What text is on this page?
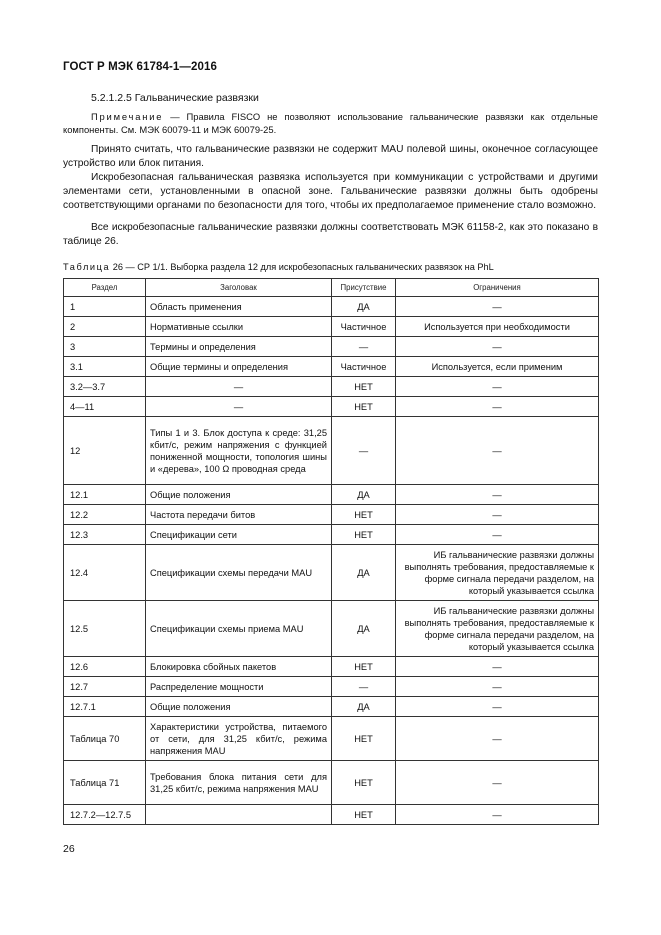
ГОСТ Р МЭК 61784-1—2016
5.2.1.2.5 Гальванические развязки
Примечание — Правила FISCO не позволяют использование гальванические развязки как отдельные компоненты. См. МЭК 60079-11 и МЭК 60079-25.
Принято считать, что гальванические развязки не содержит MAU полевой шины, оконечное согласующее устройство или блок питания.
Искробезопасная гальваническая развязка используется при коммуникации с устройствами и другими элементами сети, установленными в опасной зоне. Гальванические развязки должны быть одобрены соответствующими органами по безопасности для того, чтобы их предполагаемое применение стало возможно.
Все искробезопасные гальванические развязки должны соответствовать МЭК 61158-2, как это показано в таблице 26.
Таблица 26 — CP 1/1. Выборка раздела 12 для искробезопасных гальванических развязок на PhL
Раздел	Заголовак	Присутствие	Ограничения
1	Область применения	ДА	—
2	Нормативные ссылки	Частичное	Используется при необходимости
3	Термины и определения	—	—
3.1	Общие термины и определения	Частичное	Используется, если применим
3.2—3.7	—	НЕТ	—
4—11	—	НЕТ	—
12	Типы 1 и 3. Блок доступа к среде: 31,25 кбит/с, режим напряжения с функцией пониженной мощности, топология шины и «дерева», 100 Ω проводная среда	—	—
12.1	Общие положения	ДА	—
12.2	Частота передачи битов	НЕТ	—
12.3	Спецификации сети	НЕТ	—
12.4	Спецификации схемы передачи MAU	ДА	ИБ гальванические развязки должны выполнять требования, предоставляемые к форме сигнала передачи разделом, на который указывается ссылка
12.5	Спецификации схемы приема MAU	ДА	ИБ гальванические развязки должны выполнять требования, предоставляемые к форме сигнала передачи разделом, на который указывается ссылка
12.6	Блокировка сбойных пакетов	НЕТ	—
12.7	Распределение мощности	—	—
12.7.1	Общие положения	ДА	—
Таблица 70	Характеристики устройства, питаемого от сети, для 31,25 кбит/с, режима напряжения MAU	НЕТ	—
Таблица 71	Требования блока питания сети для 31,25 кбит/с, режима напряжения MAU	НЕТ	—
12.7.2—12.7.5		НЕТ	—
26
